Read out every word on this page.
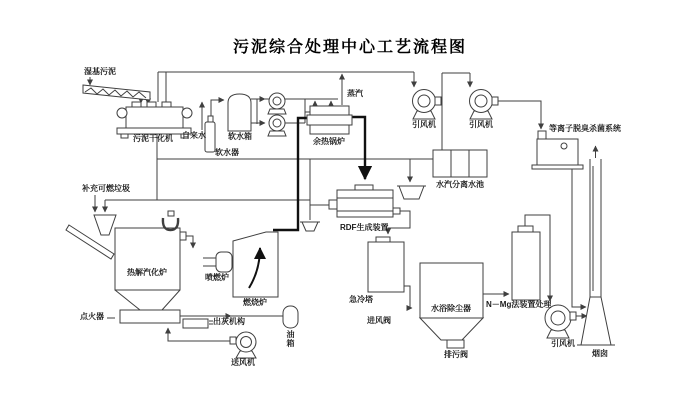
污泥综合处理中心工艺流程图
湿基污泥
污泥干化机 自来水	软水箱
软水器
蒸汽
余热锅炉
引风机	引风机
水汽分离水池
等离子脱臭杀菌系统
补充可燃垃圾
热解汽化炉
点火器
喷燃炉
燃烧炉
RDF生成装置
急冷塔
进风阀
水浴除尘器
排污阀
N－Mg法装置处理
引风机
烟囱
出灰机构
油箱
送风机
